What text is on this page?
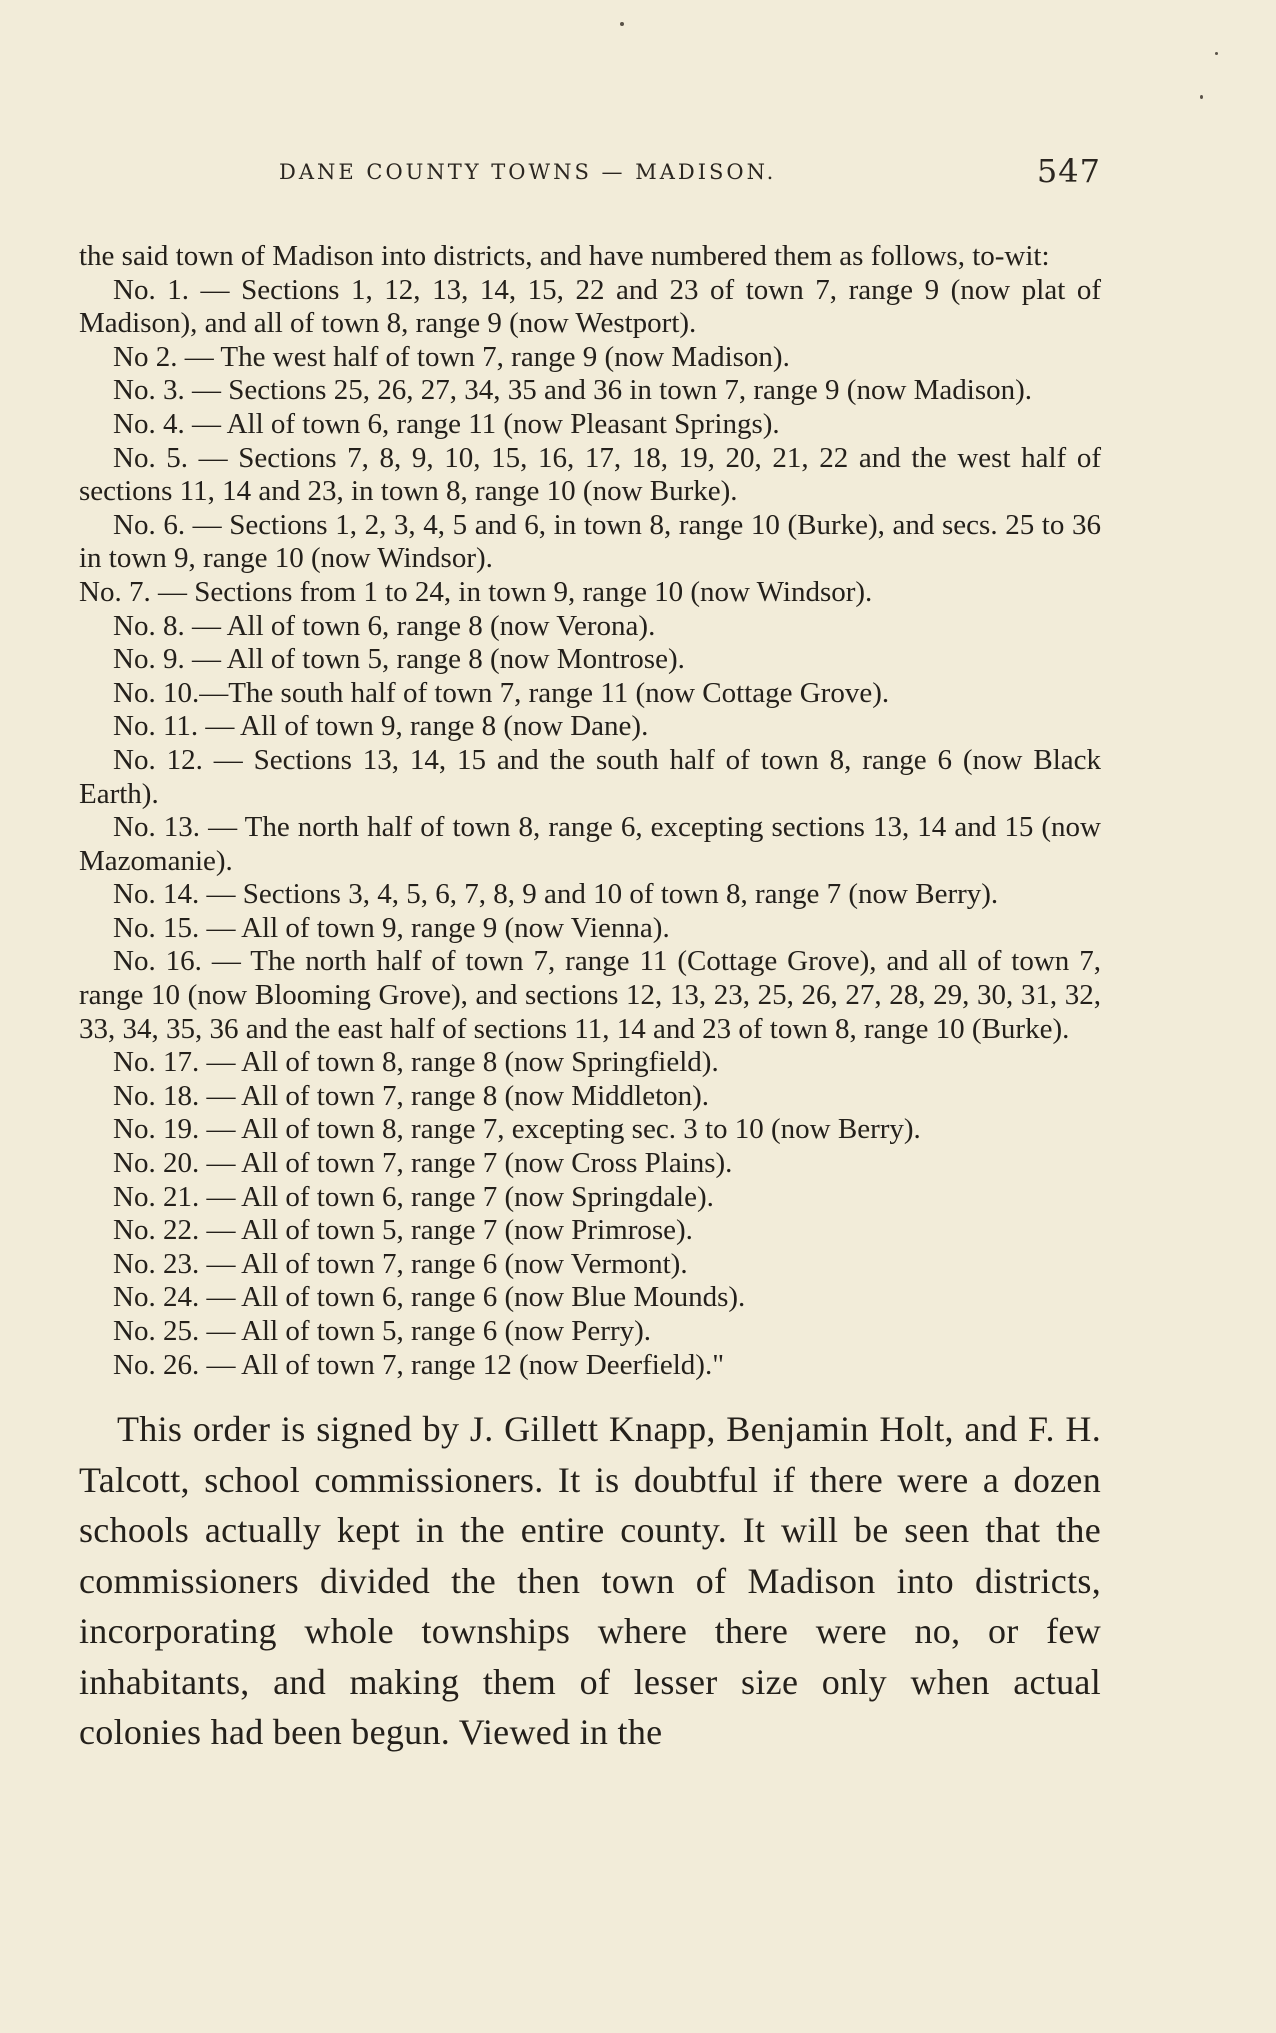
DANE COUNTY TOWNS — MADISON.	547

the said town of Madison into districts, and have numbered them as follows, to-wit:

No. 1. — Sections 1, 12, 13, 14, 15, 22 and 23 of town 7, range 9 (now plat of Madison), and all of town 8, range 9 (now Westport).

No 2. — The west half of town 7, range 9 (now Madison).

No. 3. — Sections 25, 26, 27, 34, 35 and 36 in town 7, range 9 (now Madison).

No. 4. — All of town 6, range 11 (now Pleasant Springs).

No. 5. — Sections 7, 8, 9, 10, 15, 16, 17, 18, 19, 20, 21, 22 and the west half of sections 11, 14 and 23, in town 8, range 10 (now Burke).

No. 6. — Sections 1, 2, 3, 4, 5 and 6, in town 8, range 10 (Burke), and secs. 25 to 36 in town 9, range 10 (now Windsor).

No. 7. — Sections from 1 to 24, in town 9, range 10 (now Windsor).

No. 8. — All of town 6, range 8 (now Verona).

No. 9. — All of town 5, range 8 (now Montrose).

No. 10.—The south half of town 7, range 11 (now Cottage Grove).

No. 11. — All of town 9, range 8 (now Dane).

No. 12. — Sections 13, 14, 15 and the south half of town 8, range 6 (now Black Earth).

No. 13. — The north half of town 8, range 6, excepting sections 13, 14 and 15 (now Mazomanie).

No. 14. — Sections 3, 4, 5, 6, 7, 8, 9 and 10 of town 8, range 7 (now Berry).

No. 15. — All of town 9, range 9 (now Vienna).

No. 16. — The north half of town 7, range 11 (Cottage Grove), and all of town 7, range 10 (now Blooming Grove), and sections 12, 13, 23, 25, 26, 27, 28, 29, 30, 31, 32, 33, 34, 35, 36 and the east half of sections 11, 14 and 23 of town 8, range 10 (Burke).

No. 17. — All of town 8, range 8 (now Springfield).

No. 18. — All of town 7, range 8 (now Middleton).

No. 19. — All of town 8, range 7, excepting sec. 3 to 10 (now Berry).

No. 20. — All of town 7, range 7 (now Cross Plains).

No. 21. — All of town 6, range 7 (now Springdale).

No. 22. — All of town 5, range 7 (now Primrose).

No. 23. — All of town 7, range 6 (now Vermont).

No. 24. — All of town 6, range 6 (now Blue Mounds).

No. 25. — All of town 5, range 6 (now Perry).

No. 26. — All of town 7, range 12 (now Deerfield)."

This order is signed by J. Gillett Knapp, Benjamin Holt, and F. H. Talcott, school commissioners. It is doubtful if there were a dozen schools actually kept in the entire county. It will be seen that the commissioners divided the then town of Madison into districts, incorporating whole townships where there were no, or few inhabitants, and making them of lesser size only when actual colonies had been begun. Viewed in the
